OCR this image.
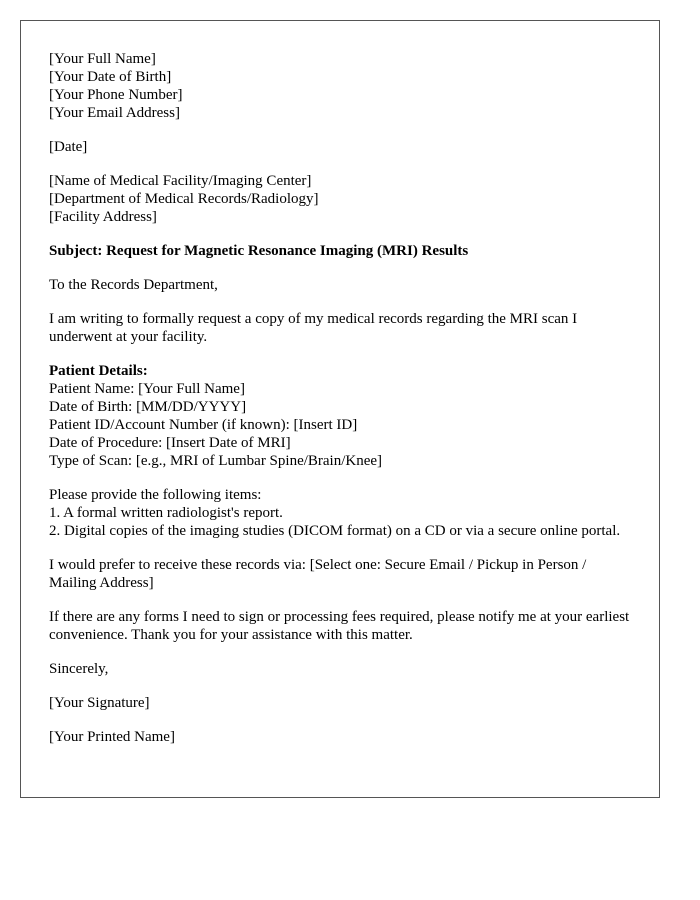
[Your Full Name]
[Your Date of Birth]
[Your Phone Number]
[Your Email Address]
[Date]
[Name of Medical Facility/Imaging Center]
[Department of Medical Records/Radiology]
[Facility Address]
Subject: Request for Magnetic Resonance Imaging (MRI) Results
To the Records Department,
I am writing to formally request a copy of my medical records regarding the MRI scan I underwent at your facility.
Patient Details:
Patient Name: [Your Full Name]
Date of Birth: [MM/DD/YYYY]
Patient ID/Account Number (if known): [Insert ID]
Date of Procedure: [Insert Date of MRI]
Type of Scan: [e.g., MRI of Lumbar Spine/Brain/Knee]
Please provide the following items:
1. A formal written radiologist's report.
2. Digital copies of the imaging studies (DICOM format) on a CD or via a secure online portal.
I would prefer to receive these records via: [Select one: Secure Email / Pickup in Person / Mailing Address]
If there are any forms I need to sign or processing fees required, please notify me at your earliest convenience. Thank you for your assistance with this matter.
Sincerely,
[Your Signature]
[Your Printed Name]
